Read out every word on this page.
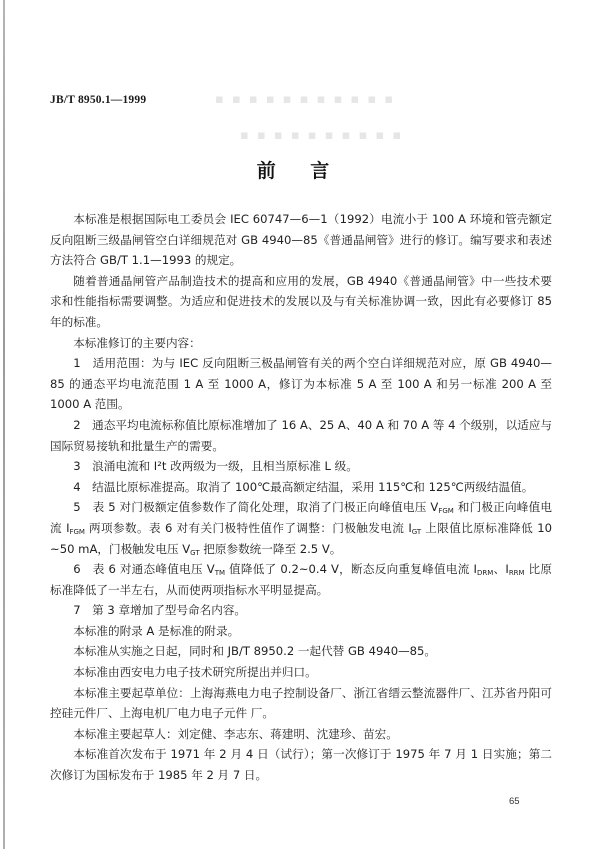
▪ ▪ ▪ ▪ ▪ ▪ ▪ ▪ ▪ ▪ ▪
▪ ▪ ▪ ▪ ▪ ▪ ▪ ▪ ▪ ▪
JB/T 8950.1—1999
前 言

本标准是根据国际电工委员会 IEC 60747—6—1（1992）电流小于 100 A 环境和管壳额定反向阻断三级晶闸管空白详细规范对 GB 4940—85《普通晶闸管》进行的修订。编写要求和表述方法符合 GB/T 1.1—1993 的规定。

随着普通晶闸管产品制造技术的提高和应用的发展，GB 4940《普通晶闸管》中一些技术要求和性能指标需要调整。为适应和促进技术的发展以及与有关标准协调一致，因此有必要修订 85 年的标准。

本标准修订的主要内容：

1　适用范围：为与 IEC 反向阻断三极晶闸管有关的两个空白详细规范对应，原 GB 4940—85 的通态平均电流范围 1 A 至 1000 A，修订为本标准 5 A 至 100 A 和另一标准 200 A 至 1000 A 范围。

2　通态平均电流标称值比原标准增加了 16 A、25 A、40 A 和 70 A 等 4 个级别，以适应与国际贸易接轨和批量生产的需要。

3　浪涌电流和 I²t 改两级为一级，且相当原标准 L 级。

4　结温比原标准提高。取消了 100℃最高额定结温，采用 115℃和 125℃两级结温值。

5　表 5 对门极额定值参数作了简化处理，取消了门极正向峰值电压 $V_{FGM}$ 和门极正向峰值电流 $I_{FGM}$ 两项参数。表 6 对有关门极特性值作了调整：门极触发电流 $I_{GT}$ 上限值比原标准降低 10 ~50 mA，门极触发电压 $V_{GT}$ 把原参数统一降至 2.5 V。

6　表 6 对通态峰值电压 $V_{TM}$ 值降低了 0.2~0.4 V，断态反向重复峰值电流 $I_{DRM}$、$I_{RRM}$ 比原标准降低了一半左右，从而使两项指标水平明显提高。

7　第 3 章增加了型号命名内容。

本标准的附录 A 是标准的附录。

本标准从实施之日起，同时和 JB/T 8950.2 一起代替 GB 4940—85。

本标准由西安电力电子技术研究所提出并归口。

本标准主要起草单位：上海海燕电力电子控制设备厂、浙江省缙云整流器件厂、江苏省丹阳可控硅元件厂、上海电机厂电力电子元件 厂。

本标准主要起草人：刘定健、李志东、蒋建明、沈建珍、苗宏。

本标准首次发布于 1971 年 2 月 4 日（试行）；第一次修订于 1975 年 7 月 1 日实施；第二次修订为国标发布于 1985 年 2 月 7 日。

65
